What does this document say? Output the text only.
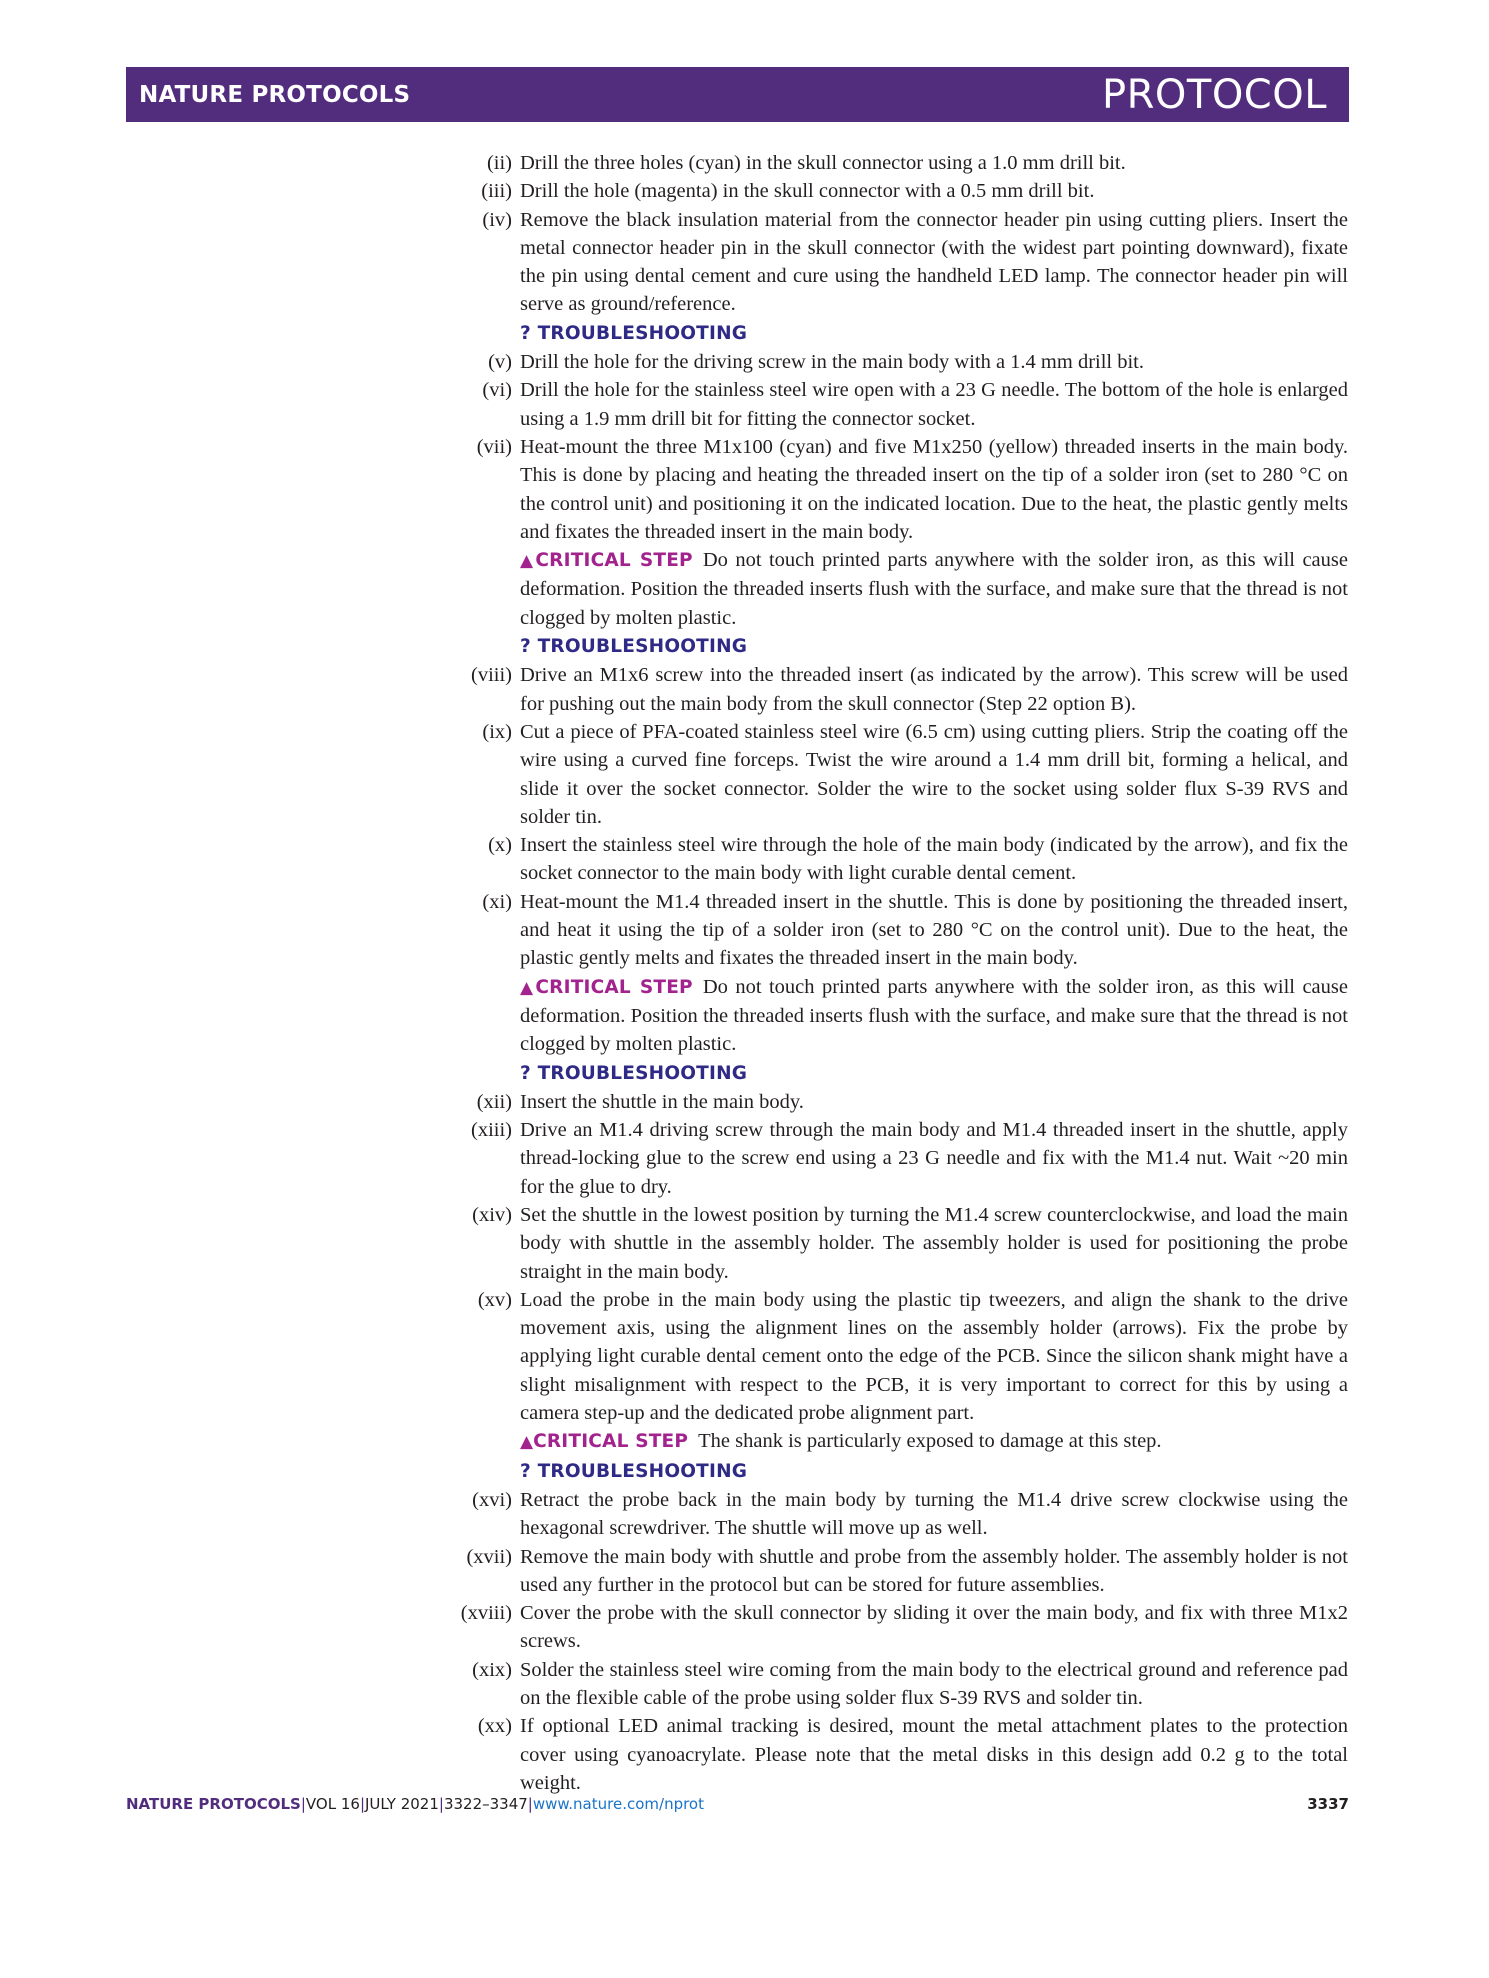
NATURE PROTOCOLS	PROTOCOL
(ii) Drill the three holes (cyan) in the skull connector using a 1.0 mm drill bit.
(iii) Drill the hole (magenta) in the skull connector with a 0.5 mm drill bit.
(iv) Remove the black insulation material from the connector header pin using cutting pliers. Insert the metal connector header pin in the skull connector (with the widest part pointing downward), fixate the pin using dental cement and cure using the handheld LED lamp. The connector header pin will serve as ground/reference.
? TROUBLESHOOTING
(v) Drill the hole for the driving screw in the main body with a 1.4 mm drill bit.
(vi) Drill the hole for the stainless steel wire open with a 23 G needle. The bottom of the hole is enlarged using a 1.9 mm drill bit for fitting the connector socket.
(vii) Heat-mount the three M1x100 (cyan) and five M1x250 (yellow) threaded inserts in the main body. This is done by placing and heating the threaded insert on the tip of a solder iron (set to 280 °C on the control unit) and positioning it on the indicated location. Due to the heat, the plastic gently melts and fixates the threaded insert in the main body.
▲CRITICAL STEP Do not touch printed parts anywhere with the solder iron, as this will cause deformation. Position the threaded inserts flush with the surface, and make sure that the thread is not clogged by molten plastic.
? TROUBLESHOOTING
(viii) Drive an M1x6 screw into the threaded insert (as indicated by the arrow). This screw will be used for pushing out the main body from the skull connector (Step 22 option B).
(ix) Cut a piece of PFA-coated stainless steel wire (6.5 cm) using cutting pliers. Strip the coating off the wire using a curved fine forceps. Twist the wire around a 1.4 mm drill bit, forming a helical, and slide it over the socket connector. Solder the wire to the socket using solder flux S-39 RVS and solder tin.
(x) Insert the stainless steel wire through the hole of the main body (indicated by the arrow), and fix the socket connector to the main body with light curable dental cement.
(xi) Heat-mount the M1.4 threaded insert in the shuttle. This is done by positioning the threaded insert, and heat it using the tip of a solder iron (set to 280 °C on the control unit). Due to the heat, the plastic gently melts and fixates the threaded insert in the main body.
▲CRITICAL STEP Do not touch printed parts anywhere with the solder iron, as this will cause deformation. Position the threaded inserts flush with the surface, and make sure that the thread is not clogged by molten plastic.
? TROUBLESHOOTING
(xii) Insert the shuttle in the main body.
(xiii) Drive an M1.4 driving screw through the main body and M1.4 threaded insert in the shuttle, apply thread-locking glue to the screw end using a 23 G needle and fix with the M1.4 nut. Wait ~20 min for the glue to dry.
(xiv) Set the shuttle in the lowest position by turning the M1.4 screw counterclockwise, and load the main body with shuttle in the assembly holder. The assembly holder is used for positioning the probe straight in the main body.
(xv) Load the probe in the main body using the plastic tip tweezers, and align the shank to the drive movement axis, using the alignment lines on the assembly holder (arrows). Fix the probe by applying light curable dental cement onto the edge of the PCB. Since the silicon shank might have a slight misalignment with respect to the PCB, it is very important to correct for this by using a camera step-up and the dedicated probe alignment part.
▲CRITICAL STEP The shank is particularly exposed to damage at this step.
? TROUBLESHOOTING
(xvi) Retract the probe back in the main body by turning the M1.4 drive screw clockwise using the hexagonal screwdriver. The shuttle will move up as well.
(xvii) Remove the main body with shuttle and probe from the assembly holder. The assembly holder is not used any further in the protocol but can be stored for future assemblies.
(xviii) Cover the probe with the skull connector by sliding it over the main body, and fix with three M1x2 screws.
(xix) Solder the stainless steel wire coming from the main body to the electrical ground and reference pad on the flexible cable of the probe using solder flux S-39 RVS and solder tin.
(xx) If optional LED animal tracking is desired, mount the metal attachment plates to the protection cover using cyanoacrylate. Please note that the metal disks in this design add 0.2 g to the total weight.
NATURE PROTOCOLS|VOL 16|JULY 2021|3322–3347|www.nature.com/nprot	3337
